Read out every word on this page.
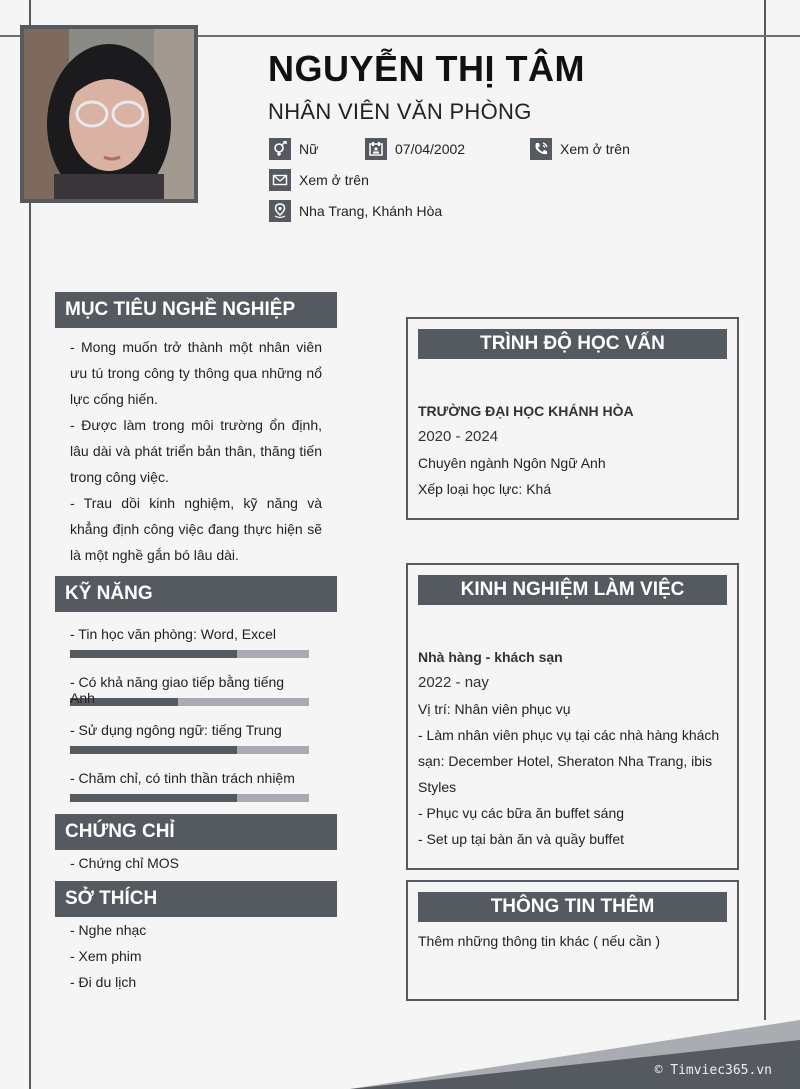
NGUYỄN THỊ TÂM
NHÂN VIÊN VĂN PHÒNG
Nữ	07/04/2002	Xem ở trên
Xem ở trên
Nha Trang, Khánh Hòa
MỤC TIÊU NGHỀ NGHIỆP

- Mong muốn trở thành một nhân viên ưu tú trong công ty thông qua những nổ lực cống hiến.

- Được làm trong môi trường ổn định, lâu dài và phát triển bản thân, thăng tiến trong công việc.

- Trau dồi kinh nghiệm, kỹ năng và khẳng định công việc đang thực hiện sẽ là một nghề gắn bó lâu dài.

KỸ NĂNG
- Tin học văn phòng: Word, Excel
- Có khả năng giao tiếp bằng tiếng Anh
- Sử dụng ngông ngữ: tiếng Trung
- Chăm chỉ, có tinh thần trách nhiệm
CHỨNG CHỈ

- Chứng chỉ MOS

SỞ THÍCH

- Nghe nhạc

- Xem phim

- Đi du lịch

TRÌNH ĐỘ HỌC VẤN
TRƯỜNG ĐẠI HỌC KHÁNH HÒA
2020 - 2024
Chuyên ngành Ngôn Ngữ Anh
Xếp loại học lực: Khá
KINH NGHIỆM LÀM VIỆC
Nhà hàng - khách sạn
2022 - nay
Vị trí: Nhân viên phục vụ
- Làm nhân viên phục vụ tại các nhà hàng khách sạn: December Hotel, Sheraton Nha Trang, ibis Styles
- Phục vụ các bữa ăn buffet sáng
- Set up tại bàn ăn và quầy buffet
THÔNG TIN THÊM
Thêm những thông tin khác ( nếu cần )
© Timviec365.vn
